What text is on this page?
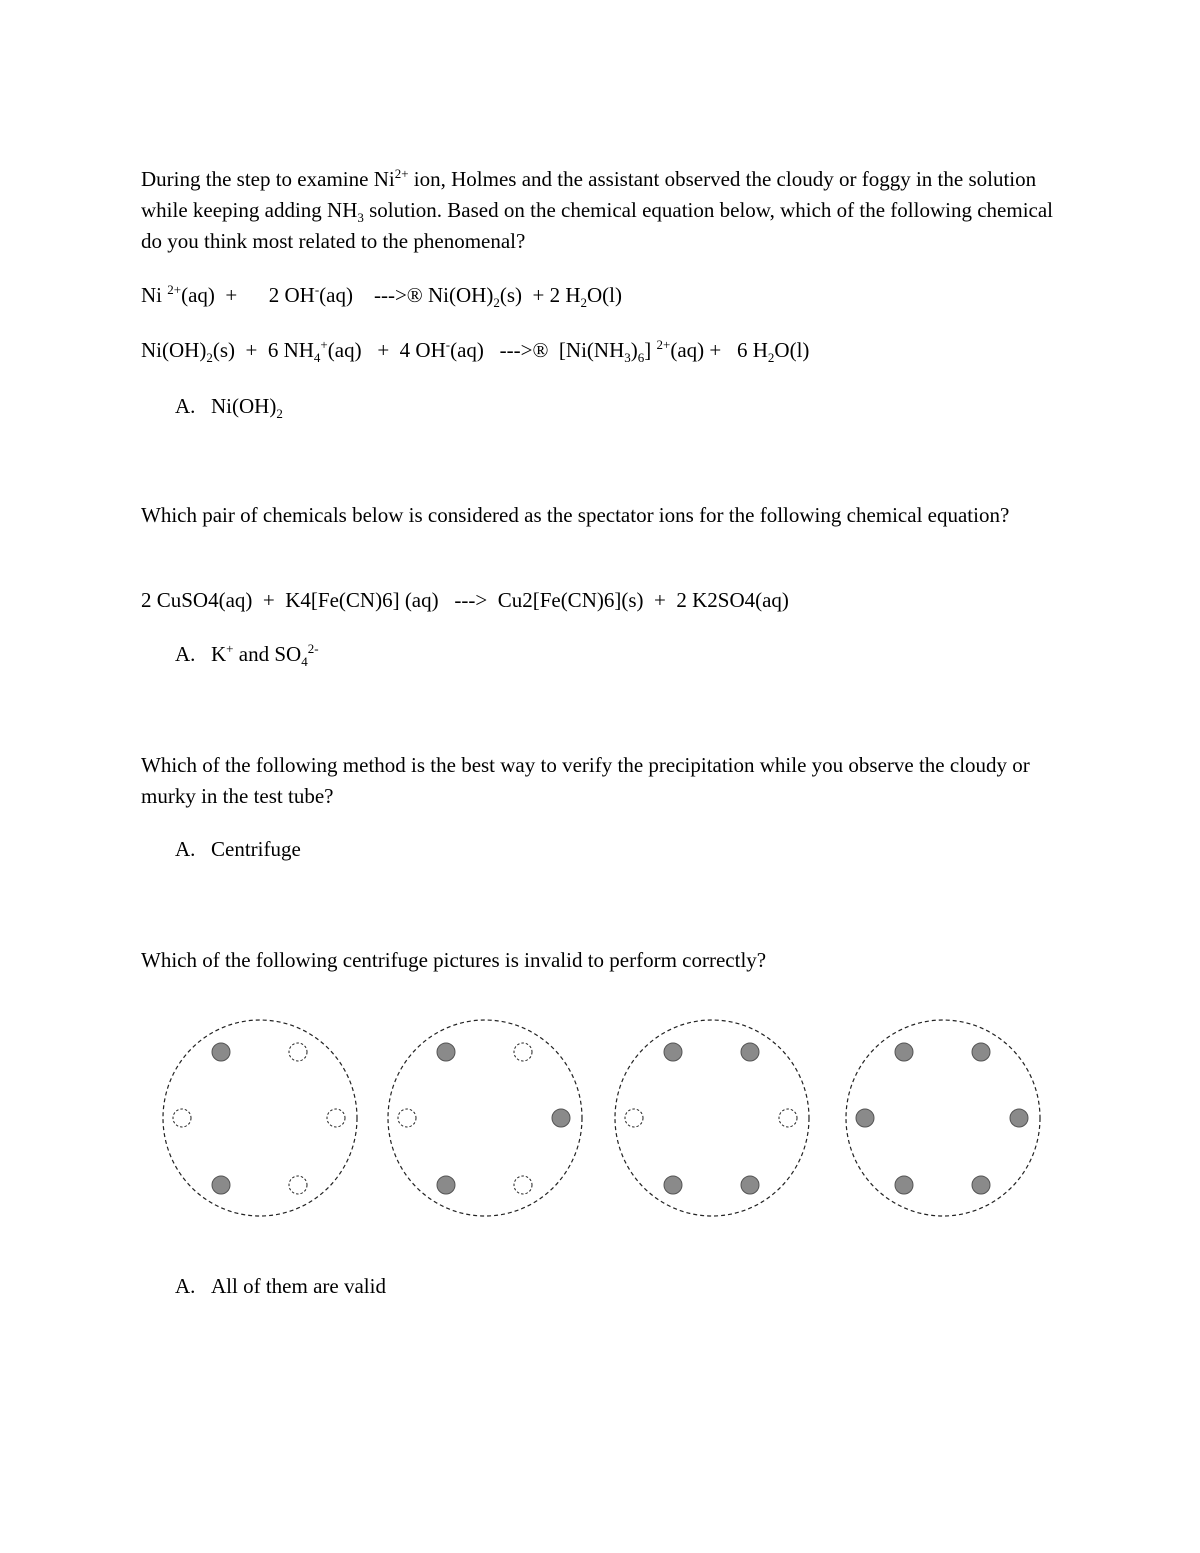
During the step to examine $Ni^{2+}$ ion, Holmes and the assistant observed the cloudy or foggy in the solution while keeping adding $NH_3$ solution. Based on the chemical equation below, which of the following chemical do you think most related to the phenomenal?

Ni $^{2+}$(aq)  +      2 OH-(aq)    --->® $Ni(OH)_2(s) + 2$ $H_2O(l)$

$Ni(OH)_2(s) + 6$ $NH_4^+(aq) + 4$ OH-(aq)   --->®  $[Ni(NH_3)_6] ^{2+}(aq) + 6$ $H_2O(l)$

A. $Ni(OH)_2$

Which pair of chemicals below is considered as the spectator ions for the following chemical equation?

2 CuSO4(aq)  +  K4[Fe(CN)6] (aq)   --->  Cu2[Fe(CN)6](s)  +  2 K2SO4(aq)

A. K+ and $SO_4^{2-}$

Which of the following method is the best way to verify the precipitation while you observe the cloudy or murky in the test tube?

A. Centrifuge

Which of the following centrifuge pictures is invalid to perform correctly?

A. All of them are valid
